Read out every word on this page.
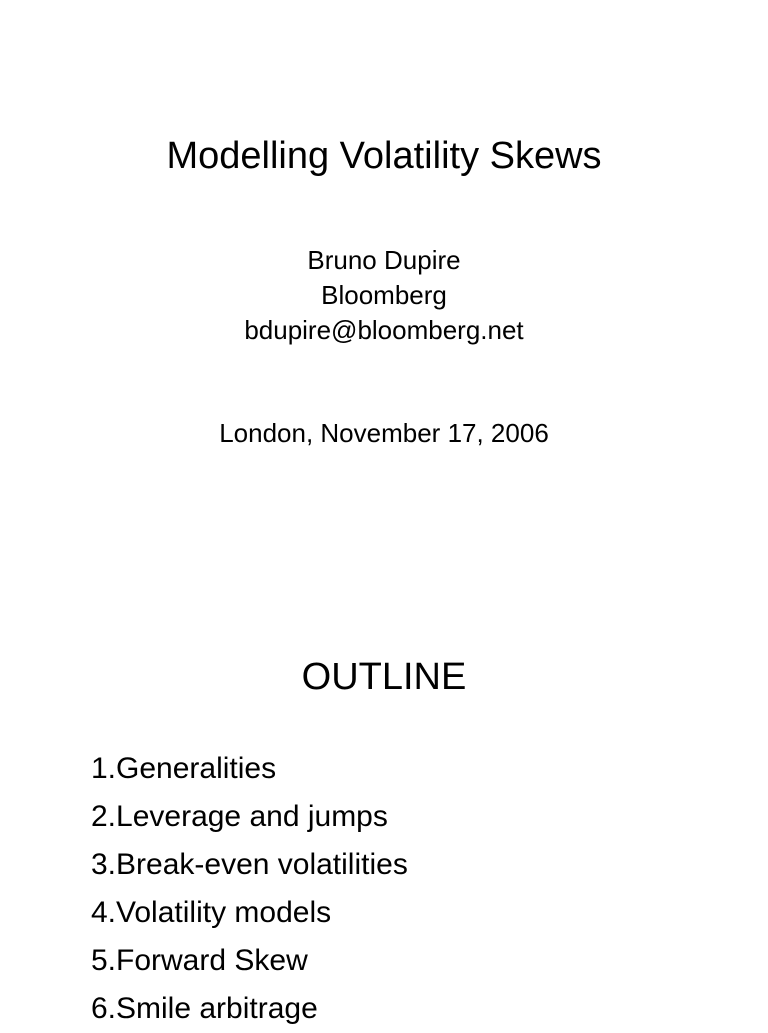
Modelling Volatility Skews
Bruno Dupire
Bloomberg
bdupire@bloomberg.net
London, November 17, 2006
OUTLINE
1.Generalities
2.Leverage and jumps
3.Break-even volatilities
4.Volatility models
5.Forward Skew
6.Smile arbitrage
